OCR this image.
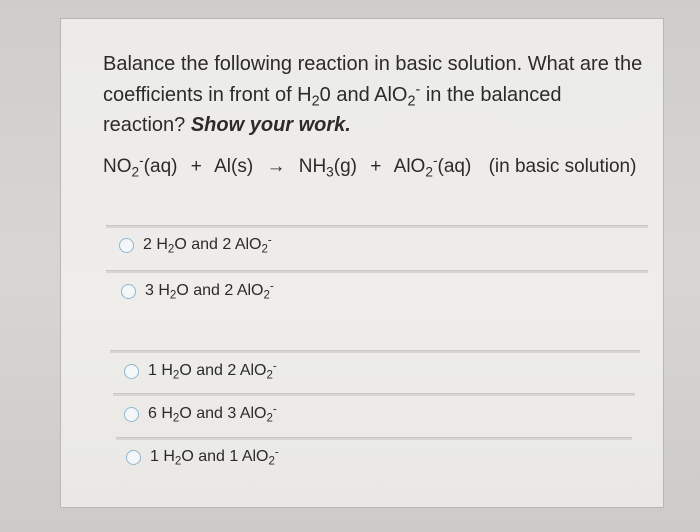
Balance the following reaction in basic solution. What are the
coefficients in front of $H_20$ and AlO$_2$- in the balanced
reaction? Show your work.
$NO_2^-(aq) + Al(s) \to NH_3(g) + AlO_2^-(aq)$ (in basic solution)
2 $H_2O$ and 2 AlO$_2$-
3 $H_2O$ and 2 AlO$_2$-
1 $H_2O$ and 2 AlO$_2$-
6 $H_2O$ and 3 AlO$_2$-
1 $H_2O$ and 1 AlO$_2$-
